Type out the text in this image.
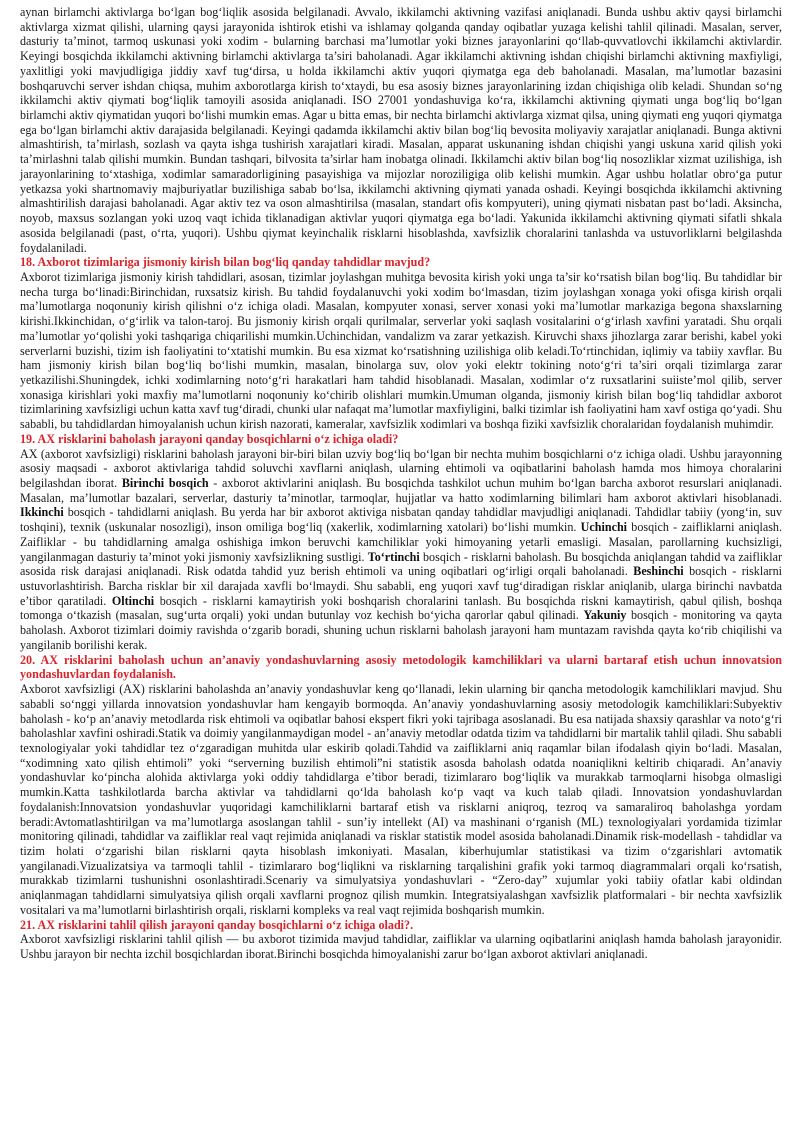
aynan birlamchi aktivlarga bo‘lgan bog‘liqlik asosida belgilanadi. Avvalo, ikkilamchi aktivning vazifasi aniqlanadi. Bunda ushbu aktiv qaysi birlamchi aktivlarga xizmat qilishi, ularning qaysi jarayonida ishtirok etishi va ishlamay qolganda qanday oqibatlar yuzaga kelishi tahlil qilinadi. Masalan, server, dasturiy ta’minot, tarmoq uskunasi yoki xodim - bularning barchasi ma’lumotlar yoki biznes jarayonlarini qo‘llab-quvvatlovchi ikkilamchi aktivlardir. Keyingi bosqichda ikkilamchi aktivning birlamchi aktivlarga ta’siri baholanadi. Agar ikkilamchi aktivning ishdan chiqishi birlamchi aktivning maxfiyligi, yaxlitligi yoki mavjudligiga jiddiy xavf tug‘dirsa, u holda ikkilamchi aktiv yuqori qiymatga ega deb baholanadi. Masalan, ma’lumotlar bazasini boshqaruvchi server ishdan chiqsa, muhim axborotlarga kirish to‘xtaydi, bu esa asosiy biznes jarayonlarining izdan chiqishiga olib keladi. Shundan so‘ng ikkilamchi aktiv qiymati bog‘liqlik tamoyili asosida aniqlanadi. ISO 27001 yondashuviga ko‘ra, ikkilamchi aktivning qiymati unga bog‘liq bo‘lgan birlamchi aktiv qiymatidan yuqori bo‘lishi mumkin emas. Agar u bitta emas, bir nechta birlamchi aktivlarga xizmat qilsa, uning qiymati eng yuqori qiymatga ega bo‘lgan birlamchi aktiv darajasida belgilanadi. Keyingi qadamda ikkilamchi aktiv bilan bog‘liq bevosita moliyaviy xarajatlar aniqlanadi. Bunga aktivni almashtirish, ta’mirlash, sozlash va qayta ishga tushirish xarajatlari kiradi. Masalan, apparat uskunaning ishdan chiqishi yangi uskuna xarid qilish yoki ta’mirlashni talab qilishi mumkin. Bundan tashqari, bilvosita ta’sirlar ham inobatga olinadi. Ikkilamchi aktiv bilan bog‘liq nosozliklar xizmat uzilishiga, ish jarayonlarining to‘xtashiga, xodimlar samaradorligining pasayishiga va mijozlar noroziligiga olib kelishi mumkin. Agar ushbu holatlar obro‘ga putur yetkazsa yoki shartnomaviy majburiyatlar buzilishiga sabab bo‘lsa, ikkilamchi aktivning qiymati yanada oshadi. Keyingi bosqichda ikkilamchi aktivning almashtirilish darajasi baholanadi. Agar aktiv tez va oson almashtirilsa (masalan, standart ofis kompyuteri), uning qiymati nisbatan past bo‘ladi. Aksincha, noyob, maxsus sozlangan yoki uzoq vaqt ichida tiklanadigan aktivlar yuqori qiymatga ega bo‘ladi. Yakunida ikkilamchi aktivning qiymati sifatli shkala asosida belgilanadi (past, o‘rta, yuqori). Ushbu qiymat keyinchalik risklarni hisoblashda, xavfsizlik choralarini tanlashda va ustuvorliklarni belgilashda foydalaniladi.

18. Axborot tizimlariga jismoniy kirish bilan bog‘liq qanday tahdidlar mavjud?

Axborot tizimlariga jismoniy kirish tahdidlari, asosan, tizimlar joylashgan muhitga bevosita kirish yoki unga ta’sir ko‘rsatish bilan bog‘liq. Bu tahdidlar bir necha turga bo‘linadi:Birinchidan, ruxsatsiz kirish. Bu tahdid foydalanuvchi yoki xodim bo‘lmasdan, tizim joylashgan xonaga yoki ofisga kirish orqali ma’lumotlarga noqonuniy kirish qilishni o‘z ichiga oladi. Masalan, kompyuter xonasi, server xonasi yoki ma’lumotlar markaziga begona shaxslarning kirishi.Ikkinchidan, o‘g‘irlik va talon-taroj. Bu jismoniy kirish orqali qurilmalar, serverlar yoki saqlash vositalarini o‘g‘irlash xavfini yaratadi. Shu orqali ma’lumotlar yo‘qolishi yoki tashqariga chiqarilishi mumkin.Uchinchidan, vandalizm va zarar yetkazish. Kiruvchi shaxs jihozlarga zarar berishi, kabel yoki serverlarni buzishi, tizim ish faoliyatini to‘xtatishi mumkin. Bu esa xizmat ko‘rsatishning uzilishiga olib keladi.To‘rtinchidan, iqlimiy va tabiiy xavflar. Bu ham jismoniy kirish bilan bog‘liq bo‘lishi mumkin, masalan, binolarga suv, olov yoki elektr tokining noto‘g‘ri ta’siri orqali tizimlarga zarar yetkazilishi.Shuningdek, ichki xodimlarning noto‘g‘ri harakatlari ham tahdid hisoblanadi. Masalan, xodimlar o‘z ruxsatlarini suiiste’mol qilib, server xonasiga kirishlari yoki maxfiy ma’lumotlarni noqonuniy ko‘chirib olishlari mumkin.Umuman olganda, jismoniy kirish bilan bog‘liq tahdidlar axborot tizimlarining xavfsizligi uchun katta xavf tug‘diradi, chunki ular nafaqat ma’lumotlar maxfiyligini, balki tizimlar ish faoliyatini ham xavf ostiga qo‘yadi. Shu sababli, bu tahdidlardan himoyalanish uchun kirish nazorati, kameralar, xavfsizlik xodimlari va boshqa fiziki xavfsizlik choralaridan foydalanish muhimdir.

19. AX risklarini baholash jarayoni qanday bosqichlarni o‘z ichiga oladi?

AX (axborot xavfsizligi) risklarini baholash jarayoni bir-biri bilan uzviy bog‘liq bo‘lgan bir nechta muhim bosqichlarni o‘z ichiga oladi. Ushbu jarayonning asosiy maqsadi - axborot aktivlariga tahdid soluvchi xavflarni aniqlash, ularning ehtimoli va oqibatlarini baholash hamda mos himoya choralarini belgilashdan iborat. Birinchi bosqich - axborot aktivlarini aniqlash. Bu bosqichda tashkilot uchun muhim bo‘lgan barcha axborot resurslari aniqlanadi. Masalan, ma’lumotlar bazalari, serverlar, dasturiy ta’minotlar, tarmoqlar, hujjatlar va hatto xodimlarning bilimlari ham axborot aktivlari hisoblanadi. Ikkinchi bosqich - tahdidlarni aniqlash. Bu yerda har bir axborot aktiviga nisbatan qanday tahdidlar mavjudligi aniqlanadi. Tahdidlar tabiiy (yong‘in, suv toshqini), texnik (uskunalar nosozligi), inson omiliga bog‘liq (xakerlik, xodimlarning xatolari) bo‘lishi mumkin. Uchinchi bosqich - zaifliklarni aniqlash. Zaifliklar - bu tahdidlarning amalga oshishiga imkon beruvchi kamchiliklar yoki himoyaning yetarli emasligi. Masalan, parollarning kuchsizligi, yangilanmagan dasturiy ta’minot yoki jismoniy xavfsizlikning sustligi. To‘rtinchi bosqich - risklarni baholash. Bu bosqichda aniqlangan tahdid va zaifliklar asosida risk darajasi aniqlanadi. Risk odatda tahdid yuz berish ehtimoli va uning oqibatlari og‘irligi orqali baholanadi. Beshinchi bosqich - risklarni ustuvorlashtirish. Barcha risklar bir xil darajada xavfli bo‘lmaydi. Shu sababli, eng yuqori xavf tug‘diradigan risklar aniqlanib, ularga birinchi navbatda e’tibor qaratiladi. Oltinchi bosqich - risklarni kamaytirish yoki boshqarish choralarini tanlash. Bu bosqichda riskni kamaytirish, qabul qilish, boshqa tomonga o‘tkazish (masalan, sug‘urta orqali) yoki undan butunlay voz kechish bo‘yicha qarorlar qabul qilinadi. Yakuniy bosqich - monitoring va qayta baholash. Axborot tizimlari doimiy ravishda o‘zgarib boradi, shuning uchun risklarni baholash jarayoni ham muntazam ravishda qayta ko‘rib chiqilishi va yangilanib borilishi kerak.

20. AX risklarini baholash uchun an’anaviy yondashuvlarning asosiy metodologik kamchiliklari va ularni bartaraf etish uchun innovatsion yondashuvlardan foydalanish.

Axborot xavfsizligi (AX) risklarini baholashda an’anaviy yondashuvlar keng qo‘llanadi, lekin ularning bir qancha metodologik kamchiliklari mavjud. Shu sababli so‘nggi yillarda innovatsion yondashuvlar ham kengayib bormoqda. An’anaviy yondashuvlarning asosiy metodologik kamchiliklari:Subyektiv baholash - ko‘p an’anaviy metodlarda risk ehtimoli va oqibatlar bahosi ekspert fikri yoki tajribaga asoslanadi. Bu esa natijada shaxsiy qarashlar va noto‘g‘ri baholashlar xavfini oshiradi.Statik va doimiy yangilanmaydigan model - an’anaviy metodlar odatda tizim va tahdidlarni bir martalik tahlil qiladi. Shu sababli texnologiyalar yoki tahdidlar tez o‘zgaradigan muhitda ular eskirib qoladi.Tahdid va zaifliklarni aniq raqamlar bilan ifodalash qiyin bo‘ladi. Masalan, “xodimning xato qilish ehtimoli” yoki “serverning buzilish ehtimoli”ni statistik asosda baholash odatda noaniqlikni keltirib chiqaradi. An’anaviy yondashuvlar ko‘pincha alohida aktivlarga yoki oddiy tahdidlarga e’tibor beradi, tizimlararo bog‘liqlik va murakkab tarmoqlarni hisobga olmasligi mumkin.Katta tashkilotlarda barcha aktivlar va tahdidlarni qo‘lda baholash ko‘p vaqt va kuch talab qiladi. Innovatsion yondashuvlardan foydalanish:Innovatsion yondashuvlar yuqoridagi kamchiliklarni bartaraf etish va risklarni aniqroq, tezroq va samaraliroq baholashga yordam beradi:Avtomatlashtirilgan va ma’lumotlarga asoslangan tahlil - sun’iy intellekt (AI) va mashinani o‘rganish (ML) texnologiyalari yordamida tizimlar monitoring qilinadi, tahdidlar va zaifliklar real vaqt rejimida aniqlanadi va risklar statistik model asosida baholanadi.Dinamik risk-modellash - tahdidlar va tizim holati o‘zgarishi bilan risklarni qayta hisoblash imkoniyati. Masalan, kiberhujumlar statistikasi va tizim o‘zgarishlari avtomatik yangilanadi.Vizualizatsiya va tarmoqli tahlil - tizimlararo bog‘liqlikni va risklarning tarqalishini grafik yoki tarmoq diagrammalari orqali ko‘rsatish, murakkab tizimlarni tushunishni osonlashtiradi.Scenariy va simulyatsiya yondashuvlari - “Zero-day” xujumlar yoki tabiiy ofatlar kabi oldindan aniqlanmagan tahdidlarni simulyatsiya qilish orqali xavflarni prognoz qilish mumkin. Integratsiyalashgan xavfsizlik platformalari - bir nechta xavfsizlik vositalari va ma’lumotlarni birlashtirish orqali, risklarni kompleks va real vaqt rejimida boshqarish mumkin.

21. AX risklarini tahlil qilish jarayoni qanday bosqichlarni o‘z ichiga oladi?.

Axborot xavfsizligi risklarini tahlil qilish — bu axborot tizimida mavjud tahdidlar, zaifliklar va ularning oqibatlarini aniqlash hamda baholash jarayonidir. Ushbu jarayon bir nechta izchil bosqichlardan iborat.Birinchi bosqichda himoyalanishi zarur bo‘lgan axborot aktivlari aniqlanadi.
